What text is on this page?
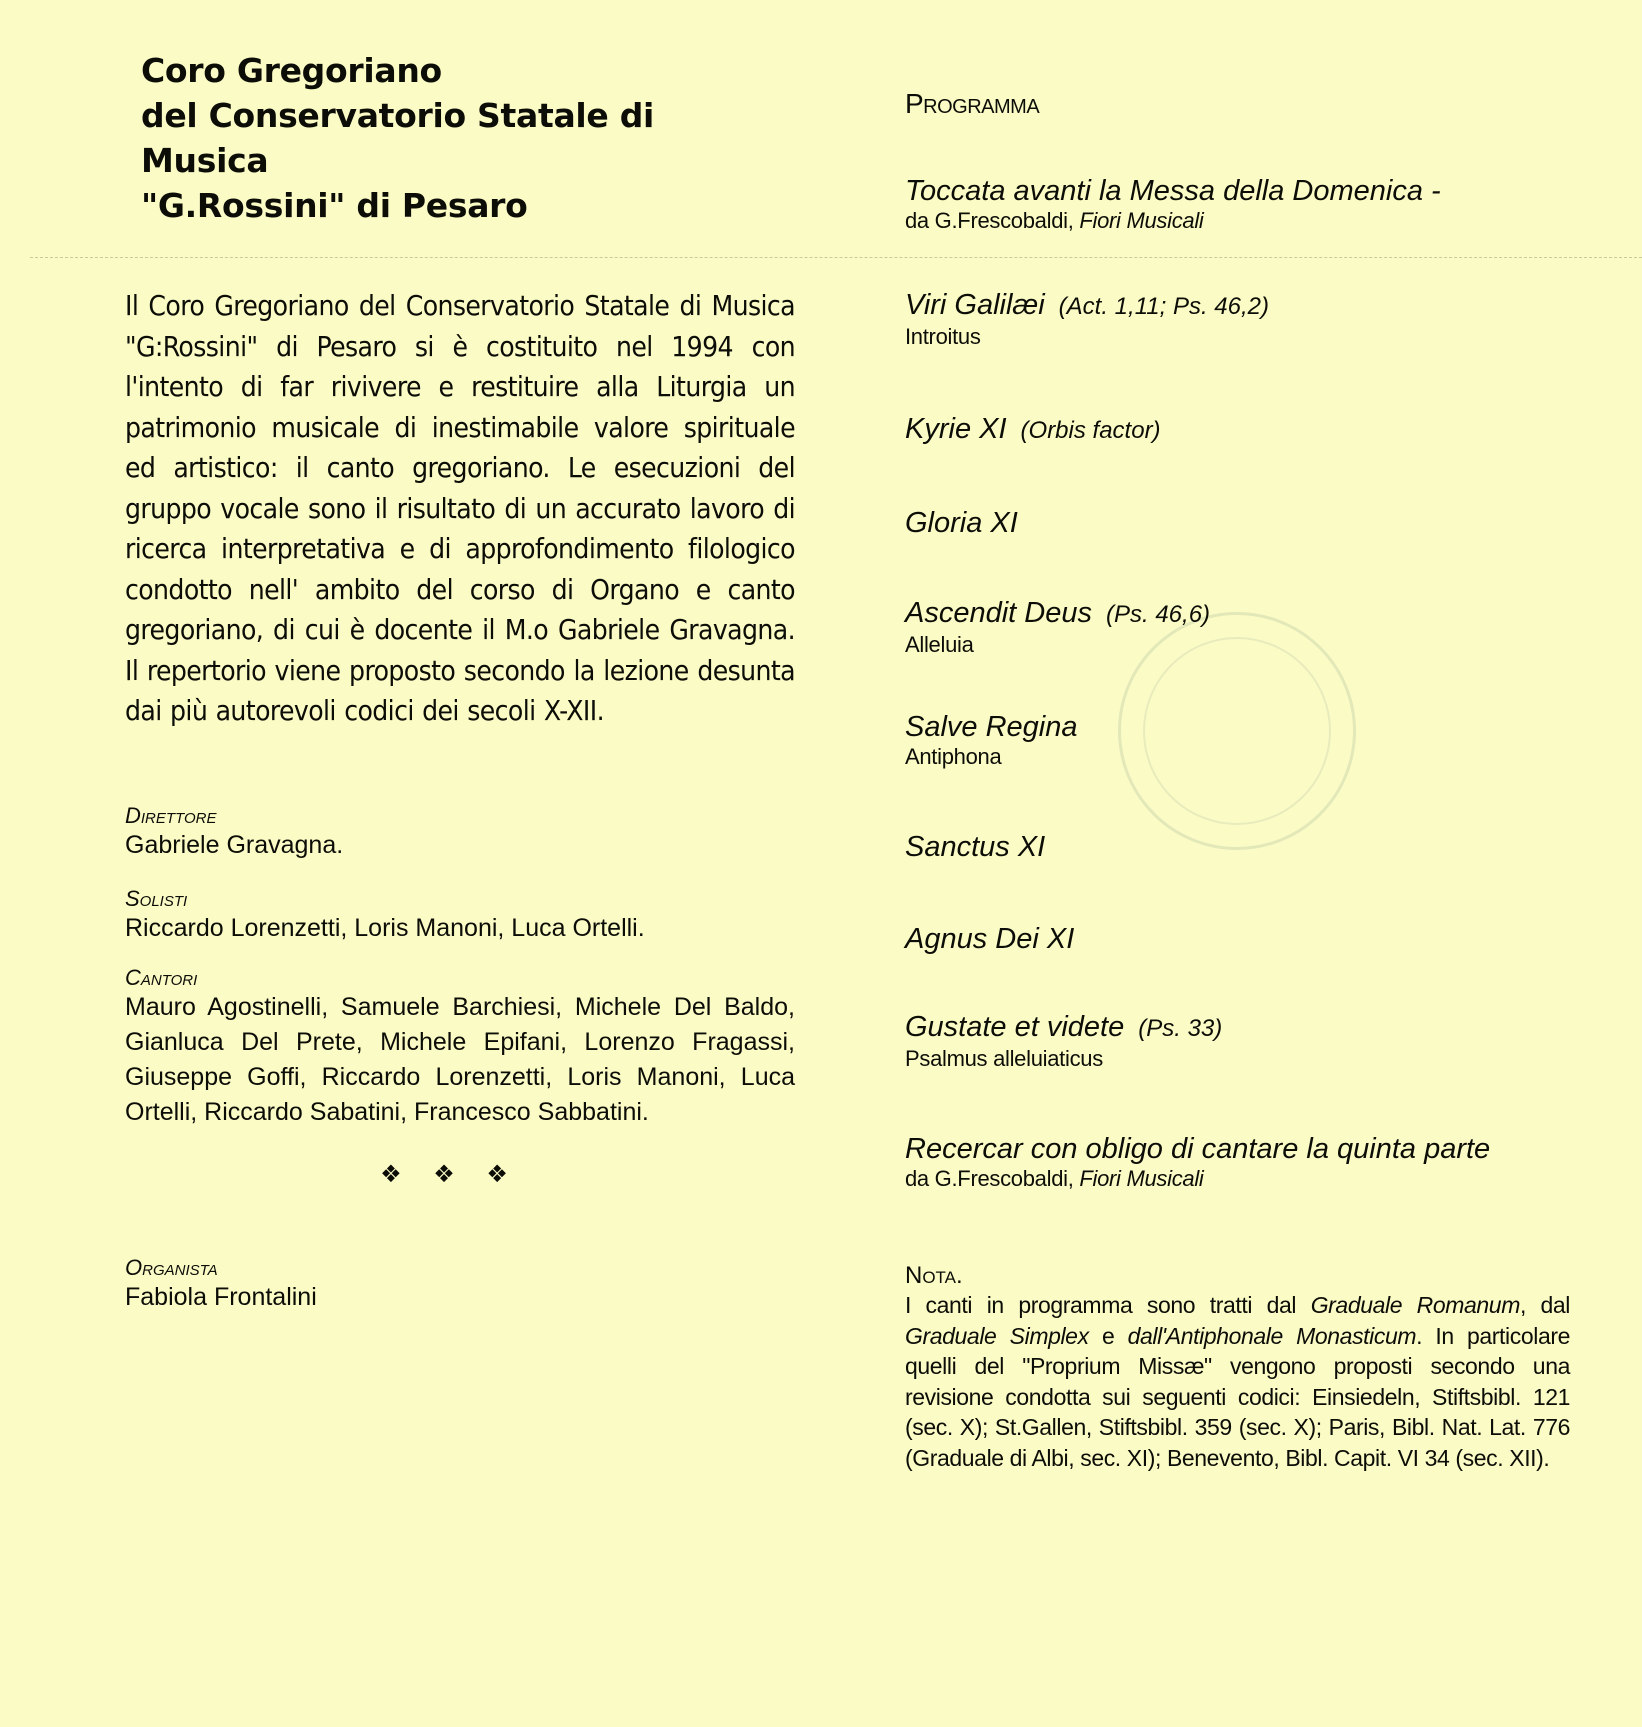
Coro Gregoriano
del Conservatorio Statale di
Musica
"G.Rossini" di Pesaro

Il Coro Gregoriano del Conservatorio Statale di Musica "G:Rossini" di Pesaro si è costituito nel 1994 con l'intento di far rivivere e restituire alla Liturgia un patrimonio musicale di inestimabile valore spirituale ed artistico: il canto gregoriano. Le esecuzioni del gruppo vocale sono il risultato di un accurato lavoro di ricerca interpretativa e di approfondimento filologico condotto nell' ambito del corso di Organo e canto gregoriano, di cui è docente il M.o Gabriele Gravagna. Il repertorio viene proposto secondo la lezione desunta dai più autorevoli codici dei secoli X-XII.

Direttore
Gabriele Gravagna.
Solisti
Riccardo Lorenzetti, Loris Manoni, Luca Ortelli.
Cantori
Mauro Agostinelli, Samuele Barchiesi, Michele Del Baldo, Gianluca Del Prete, Michele Epifani, Lorenzo Fragassi, Giuseppe Goffi, Riccardo Lorenzetti, Loris Manoni, Luca Ortelli, Riccardo Sabatini, Francesco Sabbatini.
❖ ❖ ❖
Organista
Fabiola Frontalini
Programma
Toccata avanti la Messa della Domenica -
da G.Frescobaldi, Fiori Musicali
Viri Galilæi (Act. 1,11; Ps. 46,2)
Introitus
Kyrie XI (Orbis factor)
Gloria XI
Ascendit Deus (Ps. 46,6)
Alleluia
Salve Regina
Antiphona
Sanctus XI
Agnus Dei XI
Gustate et videte (Ps. 33)
Psalmus alleluiaticus
Recercar con obligo di cantare la quinta parte
da G.Frescobaldi, Fiori Musicali
Nota.
I canti in programma sono tratti dal Graduale Romanum, dal Graduale Simplex e dall'Antiphonale Monasticum. In particolare quelli del "Proprium Missæ" vengono proposti secondo una revisione condotta sui seguenti codici: Einsiedeln, Stiftsbibl. 121 (sec. X); St.Gallen, Stiftsbibl. 359 (sec. X); Paris, Bibl. Nat. Lat. 776 (Graduale di Albi, sec. XI); Benevento, Bibl. Capit. VI 34 (sec. XII).
